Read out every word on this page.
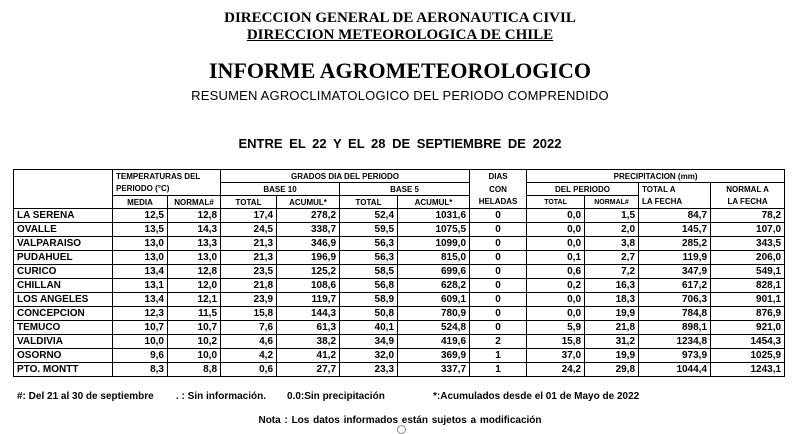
DIRECCION GENERAL DE AERONAUTICA CIVIL
DIRECCION METEOROLOGICA DE CHILE
INFORME AGROMETEOROLOGICO
RESUMEN AGROCLIMATOLOGICO DEL PERIODO COMPRENDIDO
ENTRE EL 22 Y EL 28 DE SEPTIEMBRE DE 2022
	TEMPERATURAS DEL		GRADOS DIA DEL PERIODO				DIAS	PRECIPITACION (mm)			
	PERIODO (°C)		BASE 10		BASE 5		CON	DEL PERIODO		TOTAL A	NORMAL A
	MEDIA	NORMAL#	TOTAL	ACUMUL*	TOTAL	ACUMUL*	HELADAS	TOTAL	NORMAL#	LA FECHA	LA FECHA
LA SERENA	12,5	12,8	17,4	278,2	52,4	1031,6	0	0,0	1,5	84,7	78,2
OVALLE	13,5	14,3	24,5	338,7	59,5	1075,5	0	0,0	2,0	145,7	107,0
VALPARAISO	13,0	13,3	21,3	346,9	56,3	1099,0	0	0,0	3,8	285,2	343,5
PUDAHUEL	13,0	13,0	21,3	196,9	56,3	815,0	0	0,1	2,7	119,9	206,0
CURICO	13,4	12,8	23,5	125,2	58,5	699,6	0	0,6	7,2	347,9	549,1
CHILLAN	13,1	12,0	21,8	108,6	56,8	628,2	0	0,2	16,3	617,2	828,1
LOS ANGELES	13,4	12,1	23,9	119,7	58,9	609,1	0	0,0	18,3	706,3	901,1
CONCEPCION	12,3	11,5	15,8	144,3	50,8	780,9	0	0,0	19,9	784,8	876,9
TEMUCO	10,7	10,7	7,6	61,3	40,1	524,8	0	5,9	21,8	898,1	921,0
VALDIVIA	10,0	10,2	4,6	38,2	34,9	419,6	2	15,8	31,2	1234,8	1454,3
OSORNO	9,6	10,0	4,2	41,2	32,0	369,9	1	37,0	19,9	973,9	1025,9
PTO. MONTT	8,3	8,8	0,6	27,7	23,3	337,7	1	24,2	29,8	1044,4	1243,1
#: Del 21 al 30 de septiembre . : Sin información. 0.0:Sin precipitación	*:Acumulados desde el 01 de Mayo de 2022
Nota : Los datos informados están sujetos a modificación
